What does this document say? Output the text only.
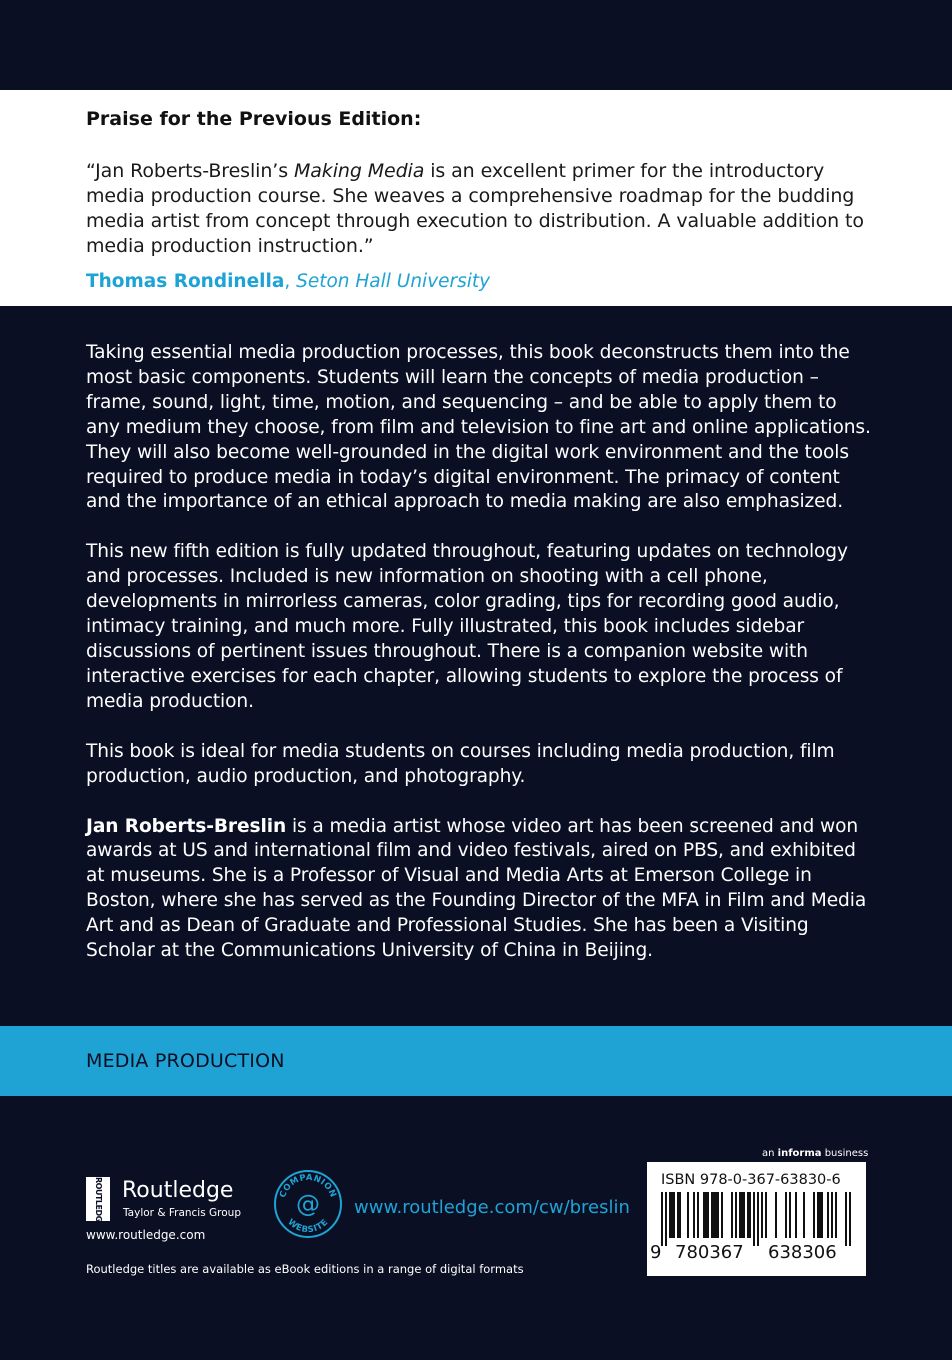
Praise for the Previous Edition:

“Jan Roberts-Breslin’s Making Media is an excellent primer for the introductory media production course. She weaves a comprehensive roadmap for the budding media artist from concept through execution to distribution. A valuable addition to media production instruction.”

Thomas Rondinella, Seton Hall University

Taking essential media production processes, this book deconstructs them into the most basic components. Students will learn the concepts of media production – frame, sound, light, time, motion, and sequencing – and be able to apply them to any medium they choose, from film and television to fine art and online applications. They will also become well-grounded in the digital work environment and the tools required to produce media in today’s digital environment. The primacy of content and the importance of an ethical approach to media making are also emphasized.

This new fifth edition is fully updated throughout, featuring updates on technology and processes. Included is new information on shooting with a cell phone, developments in mirrorless cameras, color grading, tips for recording good audio, intimacy training, and much more. Fully illustrated, this book includes sidebar discussions of pertinent issues throughout. There is a companion website with interactive exercises for each chapter, allowing students to explore the process of media production.

This book is ideal for media students on courses including media production, film production, audio production, and photography.

Jan Roberts-Breslin is a media artist whose video art has been screened and won awards at US and international film and video festivals, aired on PBS, and exhibited at museums. She is a Professor of Visual and Media Arts at Emerson College in Boston, where she has served as the Founding Director of the MFA in Film and Media Art and as Dean of Graduate and Professional Studies. She has been a Visiting Scholar at the Communications University of China in Beijing.

MEDIA PRODUCTION
ROUTLEDGE Routledge
Taylor & Francis Group
www.routledge.com
COMPANION
WEBSITE
@ www.routledge.com/cw/breslin
an informa business
ISBN 978-0-367-63830-6
9 780367 638306
Routledge titles are available as eBook editions in a range of digital formats
